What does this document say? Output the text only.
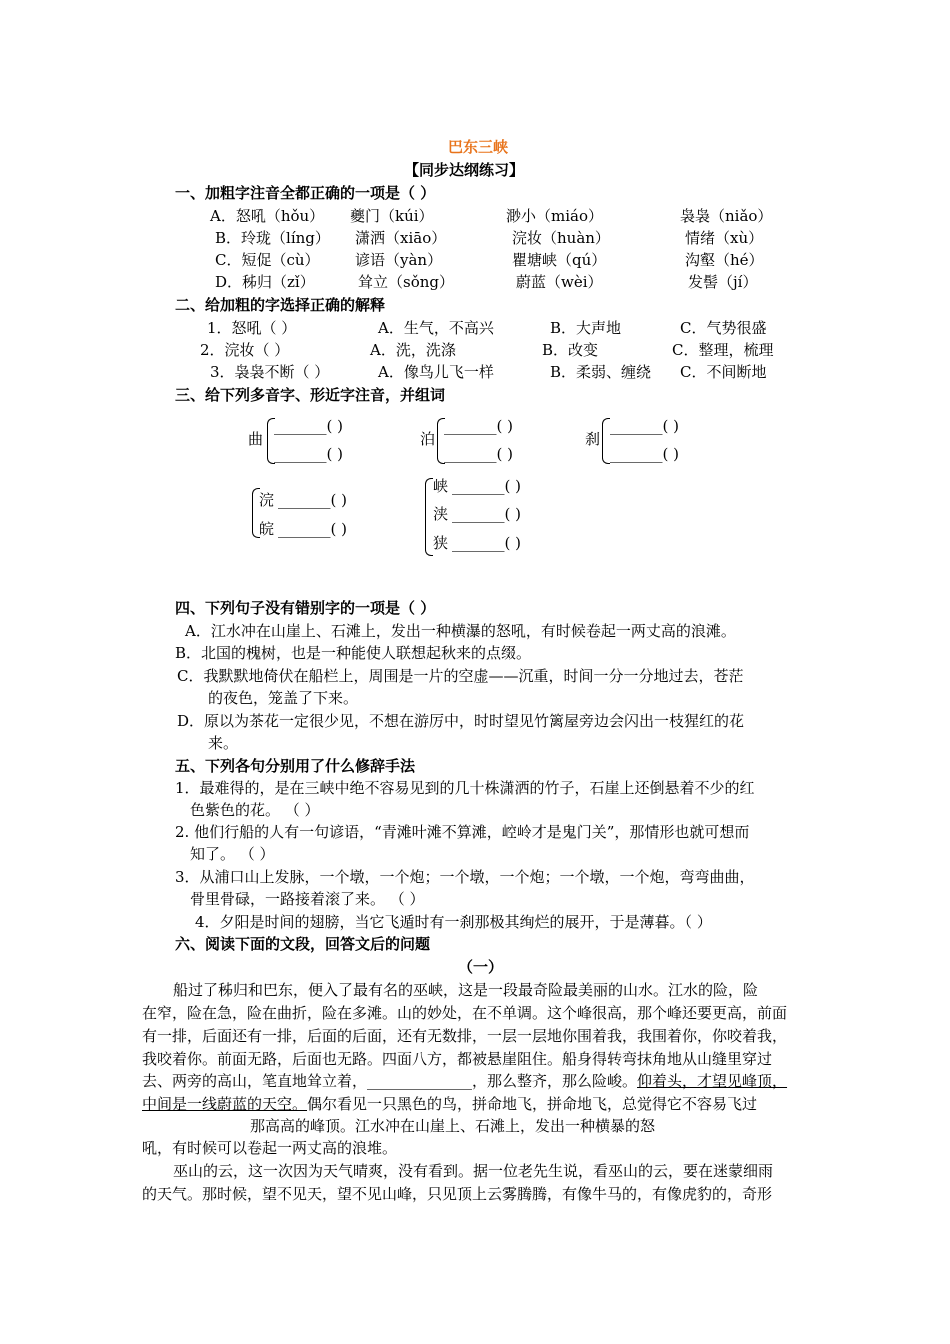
巴东三峡
【同步达纲练习】
一、加粗字注音全都正确的一项是（ ）
A．怒吼（hǒu） 夔门（kúi）	渺小（miáo）	袅袅（niǎo）
B．玲珑（líng） 潇洒（xiāo）	浣妆（huàn）	情绪（xù）
C．短促（cù） 谚语（yàn）	瞿塘峡（qú）	沟壑（hé）
D．秭归（zǐ）	耸立（sǒng）	蔚蓝（wèi）	发髻（jí）
二、给加粗的字选择正确的解释
1．怒吼（ ）	A．生气，不高兴	B．大声地	C．气势很盛
2．浣妆（ ）	A．洗，洗涤	B．改变	C．整理，梳理
3．袅袅不断（ ）	A．像鸟儿飞一样	B．柔弱、缠绕 C．不间断地
三、给下列多音字、形近字注音，并组词
曲
_______( )
_______( )
泊
_______( )
_______( )
刹
_______( )
_______( )
浣 _______( )
皖 _______( )
峡 _______( )
浃 _______( )
狭 _______( )
四、下列句子没有错别字的一项是（ ）
A．江水冲在山崖上、石滩上，发出一种横瀑的怒吼，有时候卷起一两丈高的浪滩。
B．北国的槐树，也是一种能使人联想起秋来的点缀。
C．我默默地倚伏在船栏上，周围是一片的空虚——沉重，时间一分一分地过去，苍茫
的夜色，笼盖了下来。
D．原以为茶花一定很少见，不想在游厉中，时时望见竹篱屋旁边会闪出一枝猩红的花
来。
五、下列各句分别用了什么修辞手法
1．最难得的，是在三峡中绝不容易见到的几十株潇洒的竹子，石崖上还倒悬着不少的红
色紫色的花。 （ ）
2. 他们行船的人有一句谚语，“青滩叶滩不算滩，崆岭才是鬼门关”，那情形也就可想而
知了。 （ ）
3．从浦口山上发脉，一个墩，一个炮；一个墩，一个炮；一个墩，一个炮，弯弯曲曲，
骨里骨碌，一路接着滚了来。 （ ）
4．夕阳是时间的翅膀，当它飞遁时有一刹那极其绚烂的展开，于是薄暮。（ ）
六、阅读下面的文段，回答文后的问题
（一）
船过了秭归和巴东，便入了最有名的巫峡，这是一段最奇险最美丽的山水。江水的险，险
在窄，险在急，险在曲折，险在多滩。山的妙处，在不单调。这个峰很高，那个峰还要更高，前面
有一排，后面还有一排，后面的后面，还有无数排，一层一层地你围着我，我围着你，你咬着我，
我咬着你。前面无路，后面也无路。四面八方，都被悬崖阻住。船身得转弯抹角地从山缝里穿过
去、两旁的高山，笔直地耸立着，______________，那么整齐，那么险峻。仰着头，才望见峰顶，
中间是一线蔚蓝的天空。偶尔看见一只黑色的鸟，拼命地飞，拼命地飞，总觉得它不容易飞过
那高高的峰顶。江水冲在山崖上、石滩上，发出一种横暴的怒
吼，有时候可以卷起一两丈高的浪堆。
巫山的云，这一次因为天气晴爽，没有看到。据一位老先生说，看巫山的云，要在迷蒙细雨
的天气。那时候，望不见天，望不见山峰，只见顶上云雾腾腾，有像牛马的，有像虎豹的，奇形
